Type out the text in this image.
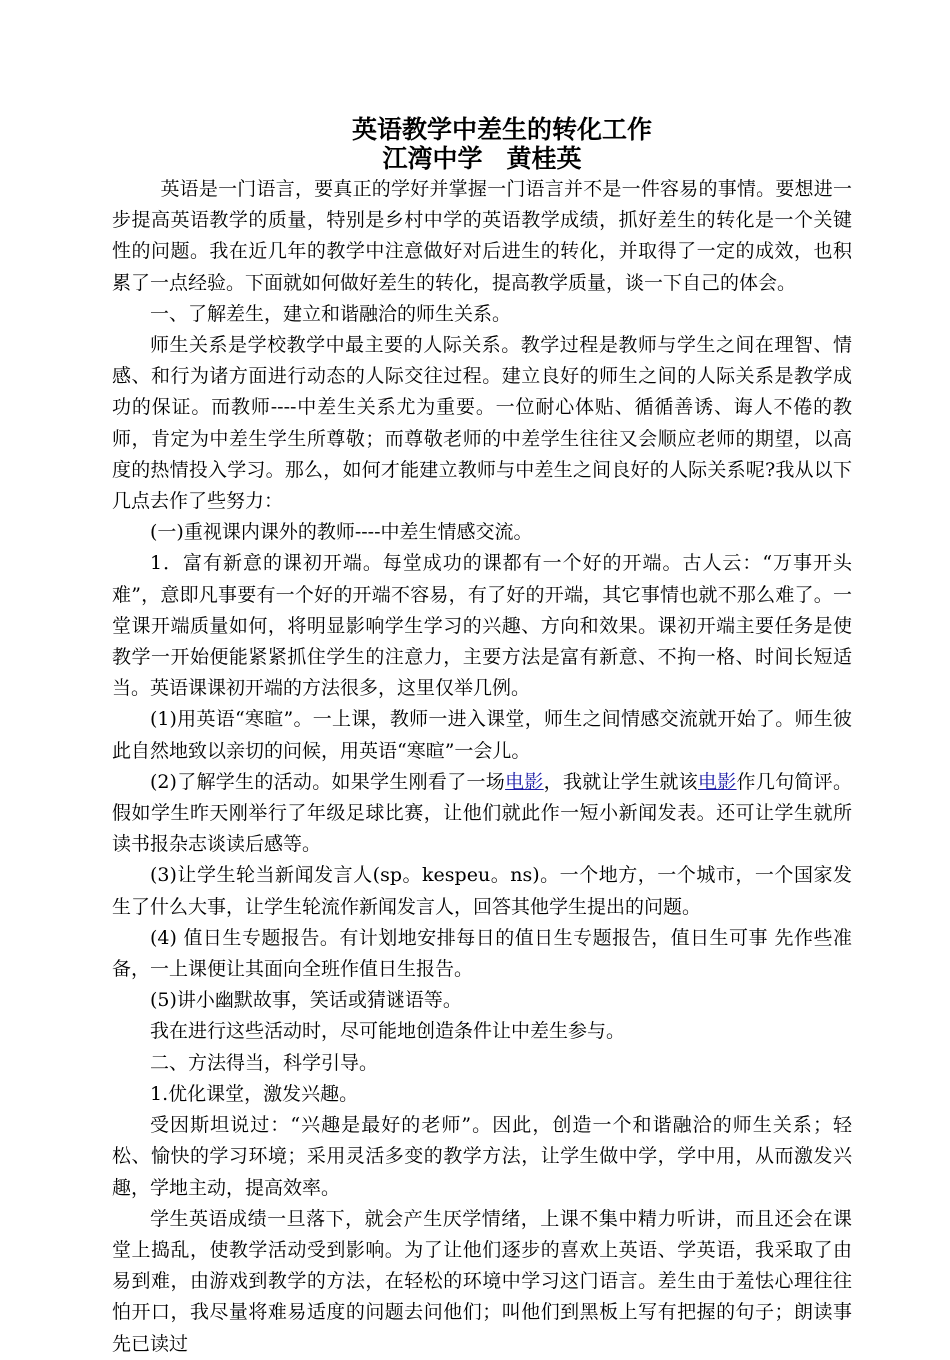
英语教学中差生的转化工作
江湾中学 黄桂英

英语是一门语言，要真正的学好并掌握一门语言并不是一件容易的事情。要想进一步提高英语教学的质量，特别是乡村中学的英语教学成绩，抓好差生的转化是一个关键性的问题。我在近几年的教学中注意做好对后进生的转化，并取得了一定的成效，也积累了一点经验。下面就如何做好差生的转化，提高教学质量，谈一下自己的体会。

一、了解差生，建立和谐融洽的师生关系。

师生关系是学校教学中最主要的人际关系。教学过程是教师与学生之间在理智、情感、和行为诸方面进行动态的人际交往过程。建立良好的师生之间的人际关系是教学成功的保证。而教师----中差生关系尤为重要。一位耐心体贴、循循善诱、诲人不倦的教师，肯定为中差生学生所尊敬；而尊敬老师的中差学生往往又会顺应老师的期望，以高度的热情投入学习。那么，如何才能建立教师与中差生之间良好的人际关系呢?我从以下几点去作了些努力：

(一)重视课内课外的教师----中差生情感交流。

1．富有新意的课初开端。每堂成功的课都有一个好的开端。古人云：“万事开头难”，意即凡事要有一个好的开端不容易，有了好的开端，其它事情也就不那么难了。一堂课开端质量如何，将明显影响学生学习的兴趣、方向和效果。课初开端主要任务是使教学一开始便能紧紧抓住学生的注意力，主要方法是富有新意、不拘一格、时间长短适当。英语课课初开端的方法很多，这里仅举几例。

(1)用英语“寒暄”。一上课，教师一进入课堂，师生之间情感交流就开始了。师生彼此自然地致以亲切的问候，用英语“寒暄”一会儿。

(2)了解学生的活动。如果学生刚看了一场电影，我就让学生就该电影作几句简评。假如学生昨天刚举行了年级足球比赛，让他们就此作一短小新闻发表。还可让学生就所读书报杂志谈读后感等。

(3)让学生轮当新闻发言人(sp。kespeu。ns)。一个地方，一个城市，一个国家发生了什么大事，让学生轮流作新闻发言人，回答其他学生提出的问题。

(4) 值日生专题报告。有计划地安排每日的值日生专题报告，值日生可事 先作些准备，一上课便让其面向全班作值日生报告。

(5)讲小幽默故事，笑话或猜谜语等。

我在进行这些活动时，尽可能地创造条件让中差生参与。

二、方法得当，科学引导。

1.优化课堂，激发兴趣。

受因斯坦说过：“兴趣是最好的老师”。因此，创造一个和谐融洽的师生关系；轻松、愉快的学习环境；采用灵活多变的教学方法，让学生做中学，学中用，从而激发兴趣，学地主动，提高效率。

学生英语成绩一旦落下，就会产生厌学情绪，上课不集中精力听讲，而且还会在课堂上捣乱，使教学活动受到影响。为了让他们逐步的喜欢上英语、学英语，我采取了由易到难，由游戏到教学的方法，在轻松的环境中学习这门语言。差生由于羞怯心理往往怕开口，我尽量将难易适度的问题去问他们；叫他们到黑板上写有把握的句子；朗读事先已读过
